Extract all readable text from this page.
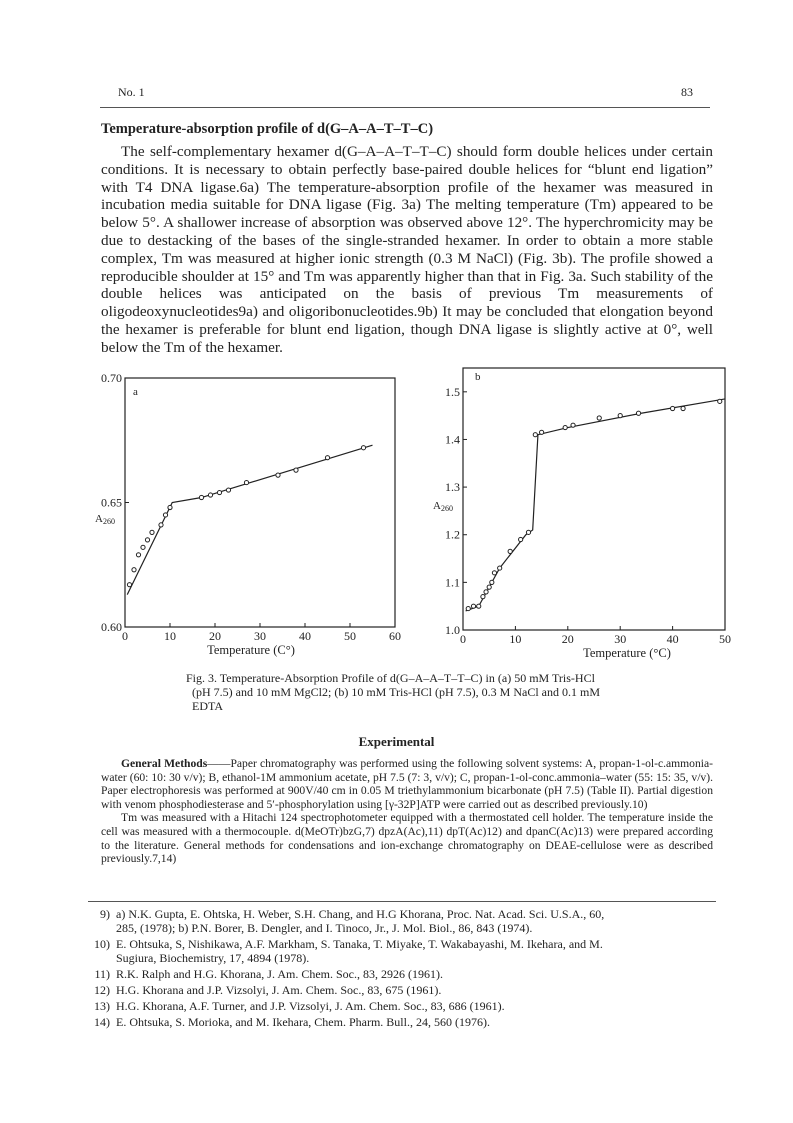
No. 1	83
Temperature-absorption profile of d(G–A–A–T–T–C)

The self-complementary hexamer d(G–A–A–T–T–C) should form double helices under certain conditions. It is necessary to obtain perfectly base-paired double helices for “blunt end ligation” with T4 DNA ligase.6a) The temperature-absorption profile of the hexamer was measured in incubation media suitable for DNA ligase (Fig. 3a) The melting temperature (Tm) appeared to be below 5°. A shallower increase of absorption was observed above 12°. The hyperchromicity may be due to destacking of the bases of the single-stranded hexamer. In order to obtain a more stable complex, Tm was measured at higher ionic strength (0.3 M NaCl) (Fig. 3b). The profile showed a reproducible shoulder at 15° and Tm was apparently higher than that in Fig. 3a. Such stability of the double helices was anticipated on the basis of previous Tm measurements of oligodeoxynucleotides9a) and oligoribonucleotides.9b) It may be concluded that elongation beyond the hexamer is preferable for blunt end ligation, though DNA ligase is slightly active at 0°, well below the Tm of the hexamer.

0	10	20	30	40	50	60
0.60
0.65
0.70
a
A260
Temperature (C°)
0	10	20	30	40	50
1.0
1.1
1.2
1.3
1.4
1.5
b
A260
Temperature (°C)
Fig. 3. Temperature-Absorption Profile of d(G–A–A–T–T–C) in (a) 50 mM Tris-HCl
(pH 7.5) and 10 mM MgCl2; (b) 10 mM Tris-HCl (pH 7.5), 0.3 M NaCl and 0.1 mM
EDTA
Experimental

General Methods——Paper chromatography was performed using the following solvent systems: A, propan-1-ol-c.ammonia-water (60: 10: 30 v/v); B, ethanol-1M ammonium acetate, pH 7.5 (7: 3, v/v); C, propan-1-ol-conc.ammonia–water (55: 15: 35, v/v). Paper electrophoresis was performed at 900V/40 cm in 0.05 M triethylammonium bicarbonate (pH 7.5) (Table II). Partial digestion with venom phosphodiesterase and 5′-phosphorylation using [γ-32P]ATP were carried out as described previously.10)

Tm was measured with a Hitachi 124 spectrophotometer equipped with a thermostated cell holder. The temperature inside the cell was measured with a thermocouple. d(MeOTr)bzG,7) dpzA(Ac),11) dpT(Ac)12) and dpanC(Ac)13) were prepared according to the literature. General methods for condensations and ion-exchange chromatography on DEAE-cellulose were as described previously.7,14)

9) a) N.K. Gupta, E. Ohtska, H. Weber, S.H. Chang, and H.G Khorana, Proc. Nat. Acad. Sci. U.S.A., 60,
285, (1978); b) P.N. Borer, B. Dengler, and I. Tinoco, Jr., J. Mol. Biol., 86, 843 (1974).
10) E. Ohtsuka, S, Nishikawa, A.F. Markham, S. Tanaka, T. Miyake, T. Wakabayashi, M. Ikehara, and M.
Sugiura, Biochemistry, 17, 4894 (1978).
11) R.K. Ralph and H.G. Khorana, J. Am. Chem. Soc., 83, 2926 (1961).
12) H.G. Khorana and J.P. Vizsolyi, J. Am. Chem. Soc., 83, 675 (1961).
13) H.G. Khorana, A.F. Turner, and J.P. Vizsolyi, J. Am. Chem. Soc., 83, 686 (1961).
14) E. Ohtsuka, S. Morioka, and M. Ikehara, Chem. Pharm. Bull., 24, 560 (1976).
